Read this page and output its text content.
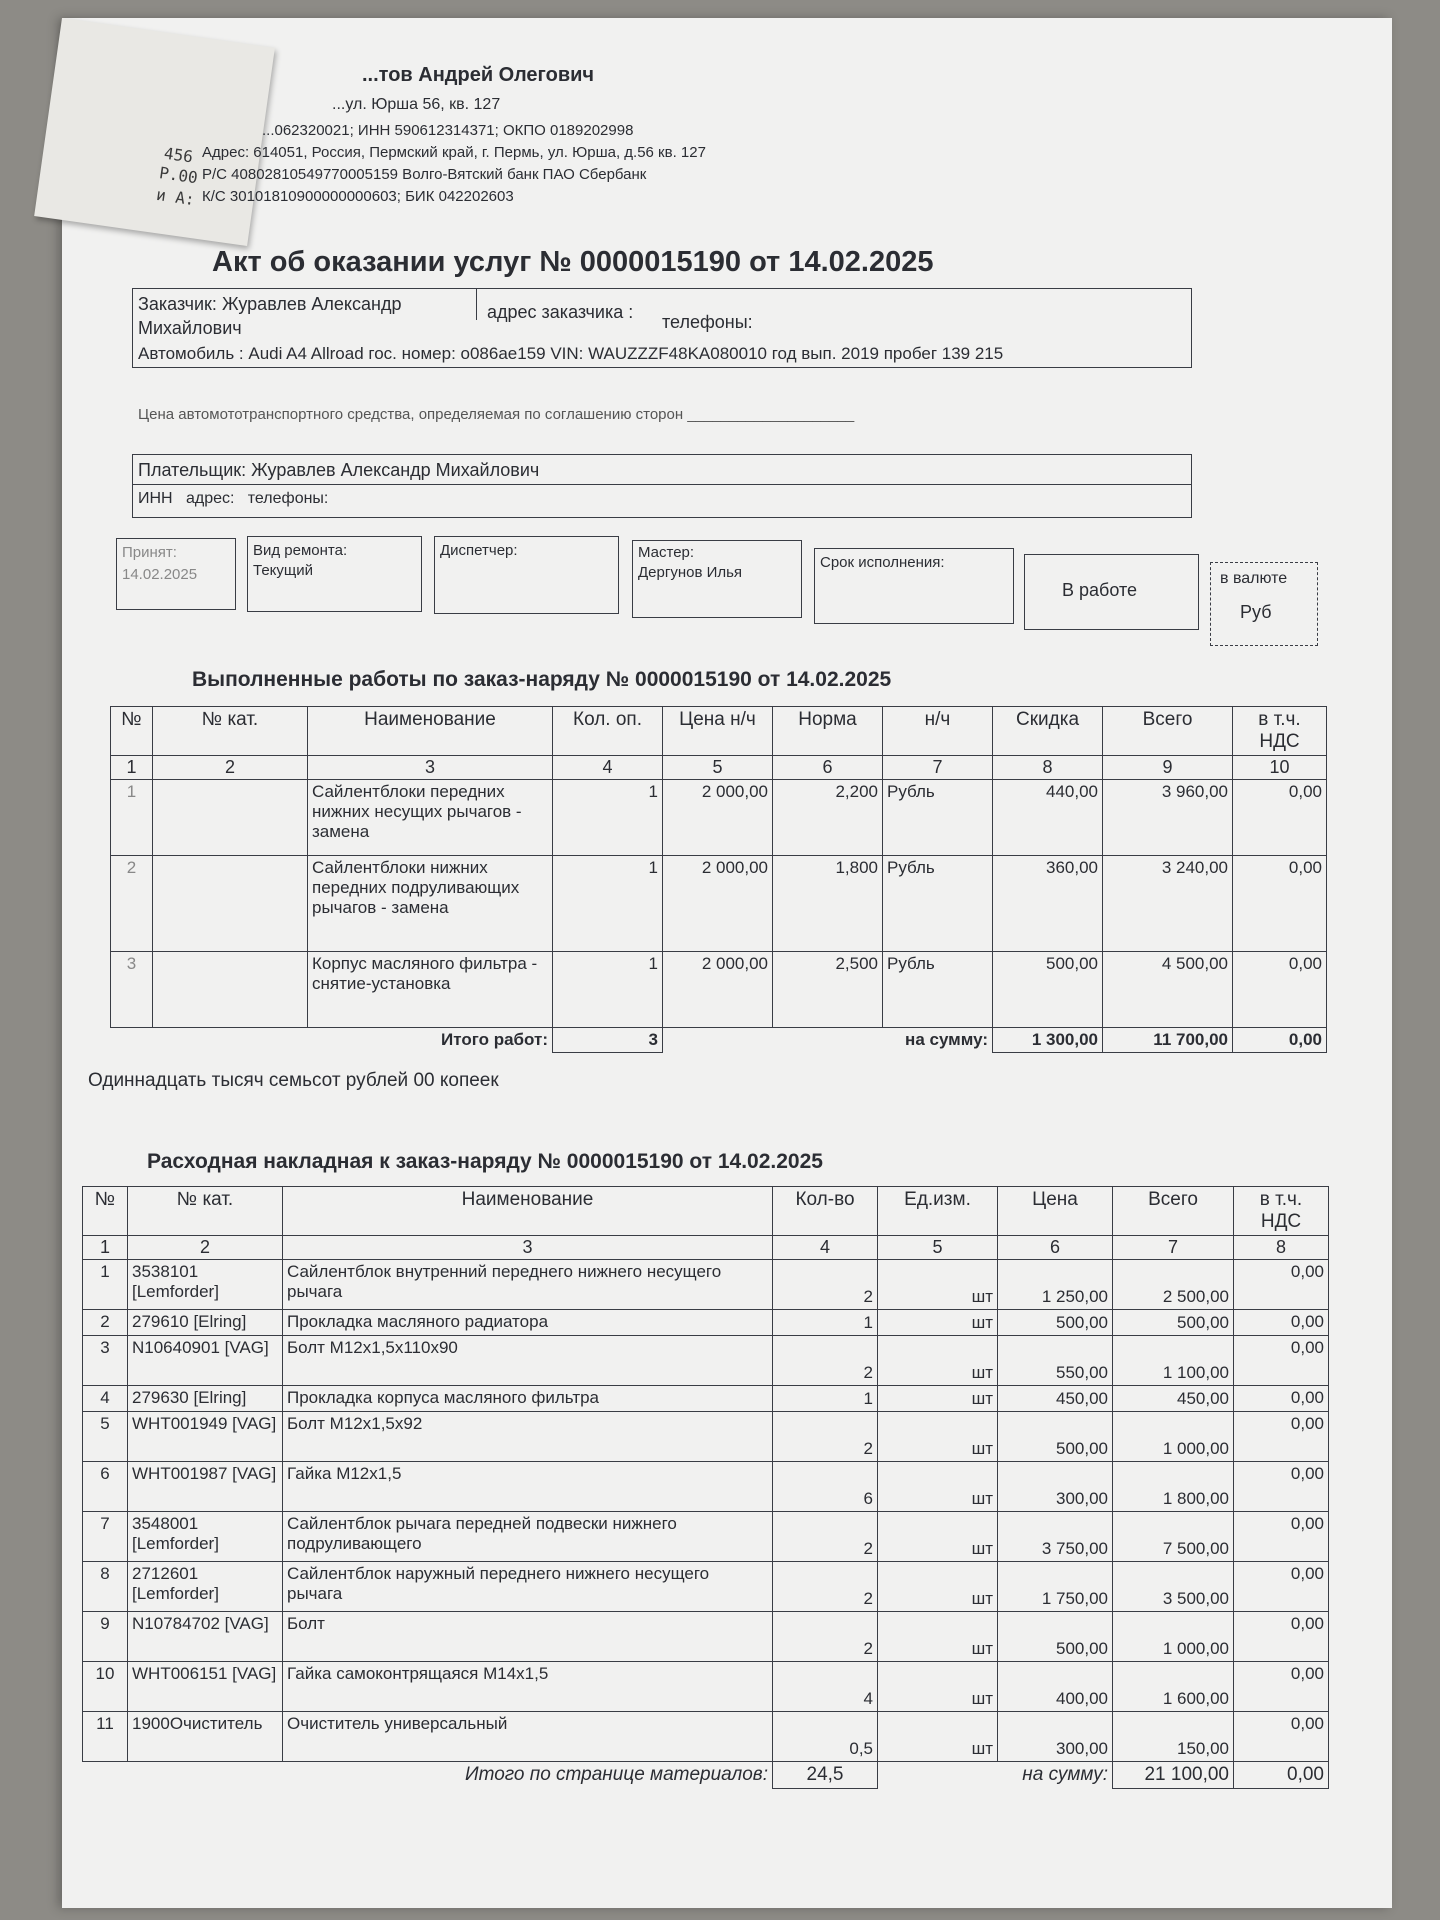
456
Р.00
и А:
...тов Андрей Олегович
...ул. Юрша 56, кв. 127
...062320021; ИНН 590612314371; ОКПО 0189202998
Адрес: 614051, Россия, Пермский край, г. Пермь, ул. Юрша, д.56 кв. 127
Р/С 40802810549770005159 Волго-Вятский банк ПАО Сбербанк
К/С 30101810900000000603; БИК 042202603
Акт об оказании услуг № 0000015190 от 14.02.2025
Заказчик: Журавлев Александр
Михайлович
адрес заказчика : телефоны:
Автомобиль : Audi A4 Allroad гос. номер: о086ае159 VIN: WAUZZZF48KA080010 год вып. 2019 пробег 139 215
Цена автомототранспортного средства, определяемая по соглашению сторон ____________________
Плательщик: Журавлев Александр Михайлович
ИНН адрес: телефоны:
Принят:
14.02.2025
Вид ремонта:
Текущий
Диспетчер:	Мастер:
Дергунов Илья
Срок исполнения:
В работе
в валюте
Руб
Выполненные работы по заказ-наряду № 0000015190 от 14.02.2025
№	№ кат.	Наименование	Кол. оп.	Цена н/ч	Норма	н/ч	Скидка	Всего	в т.ч. НДС
1	2	3	4	5	6	7	8	9	10
1		Сайлентблоки передних нижних несущих рычагов - замена	1	2 000,00	2,200	Рубль	440,00	3 960,00	0,00
2		Сайлентблоки нижних передних подруливающих рычагов - замена	1	2 000,00	1,800	Рубль	360,00	3 240,00	0,00
3		Корпус масляного фильтра - снятие-установка	1	2 000,00	2,500	Рубль	500,00	4 500,00	0,00
Итого работ:			3	на сумму:			1 300,00	11 700,00	0,00
Одиннадцать тысяч семьсот рублей 00 копеек
Расходная накладная к заказ-наряду № 0000015190 от 14.02.2025
№	№ кат.	Наименование	Кол-во	Ед.изм.	Цена	Всего	в т.ч. НДС
1	2	3	4	5	6	7	8
1	3538101 [Lemforder]	Сайлентблок внутренний переднего нижнего несущего рычага	2	шт	1 250,00	2 500,00	0,00
2	279610 [Elring]	Прокладка масляного радиатора	1	шт	500,00	500,00	0,00
3	N10640901 [VAG]	Болт M12x1,5x110x90	2	шт	550,00	1 100,00	0,00
4	279630 [Elring]	Прокладка корпуса масляного фильтра	1	шт	450,00	450,00	0,00
5	WHT001949 [VAG]	Болт M12x1,5x92	2	шт	500,00	1 000,00	0,00
6	WHT001987 [VAG]	Гайка M12x1,5	6	шт	300,00	1 800,00	0,00
7	3548001 [Lemforder]	Сайлентблок рычага передней подвески нижнего подруливающего	2	шт	3 750,00	7 500,00	0,00
8	2712601 [Lemforder]	Сайлентблок наружный переднего нижнего несущего рычага	2	шт	1 750,00	3 500,00	0,00
9	N10784702 [VAG]	Болт	2	шт	500,00	1 000,00	0,00
10	WHT006151 [VAG]	Гайка самоконтрящаяся M14x1,5	4	шт	400,00	1 600,00	0,00
11	1900Очиститель	Очиститель универсальный	0,5	шт	300,00	150,00	0,00
Итого по странице материалов:			24,5	на сумму:		21 100,00	0,00
